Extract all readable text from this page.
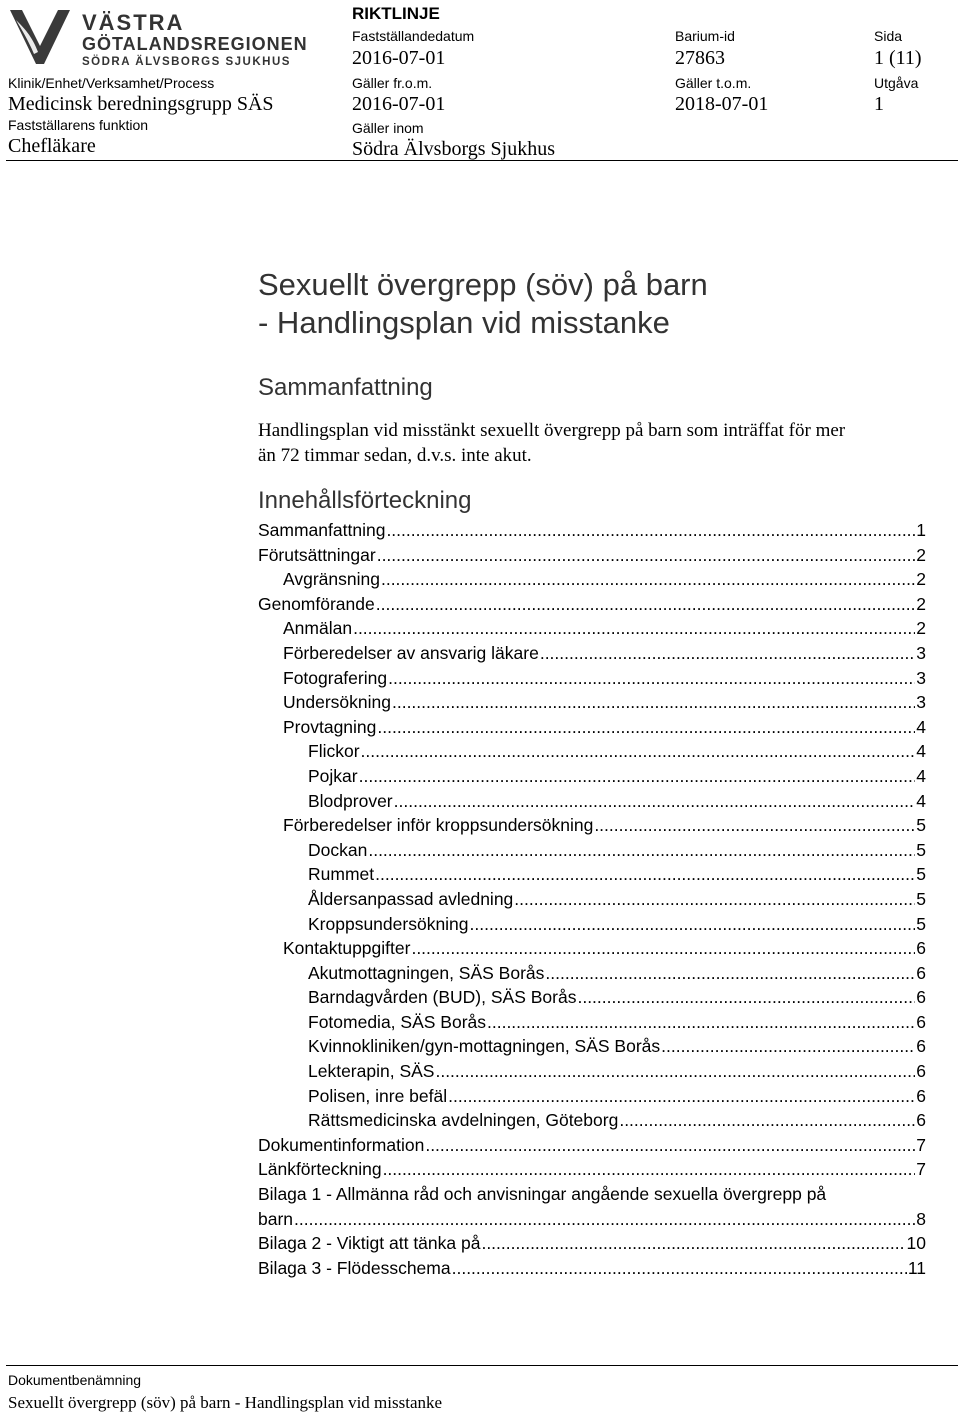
VÄSTRA
GÖTALANDSREGIONEN
SÖDRA ÄLVSBORGS SJUKHUS
RIKTLINJE
Fastställandedatum
2016-07-01
Barium-id
27863
Sida
1 (11)
Klinik/Enhet/Verksamhet/Process
Medicinsk beredningsgrupp SÄS
Gäller fr.o.m.
2016-07-01
Gäller t.o.m.
2018-07-01
Utgåva
1
Fastställarens funktion
Chefläkare
Gäller inom
Södra Älvsborgs Sjukhus
Sexuellt övergrepp (söv) på barn
- Handlingsplan vid misstanke
Sammanfattning
Handlingsplan vid misstänkt sexuellt övergrepp på barn som inträffat för mer
än 72 timmar sedan, d.v.s. inte akut.
Innehållsförteckning
Sammanfattning .....	1
Förutsättningar .....	2
Avgränsning .....	2
Genomförande .....	2
Anmälan .....	2
Förberedelser av ansvarig läkare .....	3
Fotografering .....	3
Undersökning .....	3
Provtagning .....	4
Flickor .....	4
Pojkar .....	4
Blodprover .....	4
Förberedelser inför kroppsundersökning .....	5
Dockan .....	5
Rummet .....	5
Åldersanpassad avledning .....	5
Kroppsundersökning .....	5
Kontaktuppgifter .....	6
Akutmottagningen, SÄS Borås .....	6
Barndagvården (BUD), SÄS Borås .....	6
Fotomedia, SÄS Borås .....	6
Kvinnokliniken/gyn-mottagningen, SÄS Borås .....	6
Lekterapin, SÄS .....	6
Polisen, inre befäl .....	6
Rättsmedicinska avdelningen, Göteborg .....	6
Dokumentinformation .....	7
Länkförteckning .....	7
Bilaga 1 - Allmänna råd och anvisningar angående sexuella övergrepp på
barn .....	8
Bilaga 2 - Viktigt att tänka på .....	10
Bilaga 3 - Flödesschema .....	11
Dokumentbenämning
Sexuellt övergrepp (söv) på barn - Handlingsplan vid misstanke
